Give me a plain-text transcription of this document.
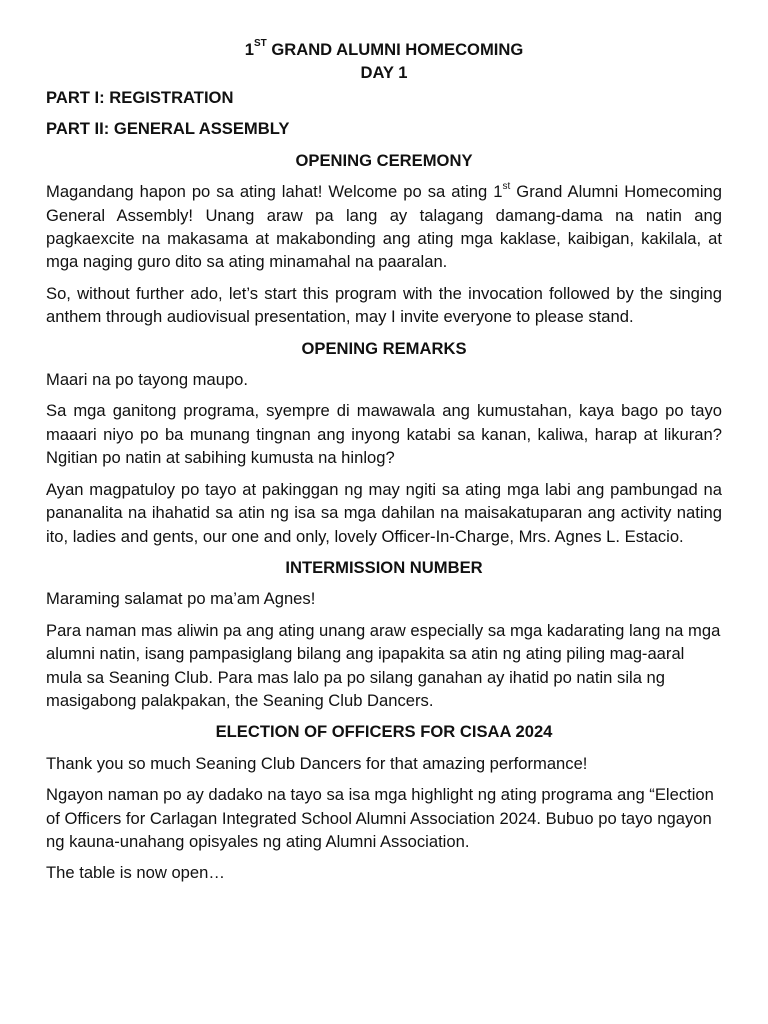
1ST GRAND ALUMNI HOMECOMING
DAY 1
PART I: REGISTRATION
PART II: GENERAL ASSEMBLY
OPENING CEREMONY

Magandang hapon po sa ating lahat! Welcome po sa ating 1st Grand Alumni Homecoming General Assembly! Unang araw pa lang ay talagang damang-dama na natin ang pagkaexcite na makasama at makabonding ang ating mga kaklase, kaibigan, kakilala, at mga naging guro dito sa ating minamahal na paaralan.

So, without further ado, let’s start this program with the invocation followed by the singing anthem through audiovisual presentation, may I invite everyone to please stand.

OPENING REMARKS

Maari na po tayong maupo.

Sa mga ganitong programa, syempre di mawawala ang kumustahan, kaya bago po tayo maaari niyo po ba munang tingnan ang inyong katabi sa kanan, kaliwa, harap at likuran? Ngitian po natin at sabihing kumusta na hinlog?

Ayan magpatuloy po tayo at pakinggan ng may ngiti sa ating mga labi ang pambungad na pananalita na ihahatid sa atin ng isa sa mga dahilan na maisakatuparan ang activity nating ito, ladies and gents, our one and only, lovely Officer-In-Charge, Mrs. Agnes L. Estacio.

INTERMISSION NUMBER

Maraming salamat po ma’am Agnes!

Para naman mas aliwin pa ang ating unang araw especially sa mga kadarating lang na mga alumni natin, isang pampasiglang bilang ang ipapakita sa atin ng ating piling mag-aaral mula sa Seaning Club. Para mas lalo pa po silang ganahan ay ihatid po natin sila ng masigabong palakpakan, the Seaning Club Dancers.

ELECTION OF OFFICERS FOR CISAA 2024

Thank you so much Seaning Club Dancers for that amazing performance!

Ngayon naman po ay dadako na tayo sa isa mga highlight ng ating programa ang “Election of Officers for Carlagan Integrated School Alumni Association 2024. Bubuo po tayo ngayon ng kauna-unahang opisyales ng ating Alumni Association.

The table is now open…
